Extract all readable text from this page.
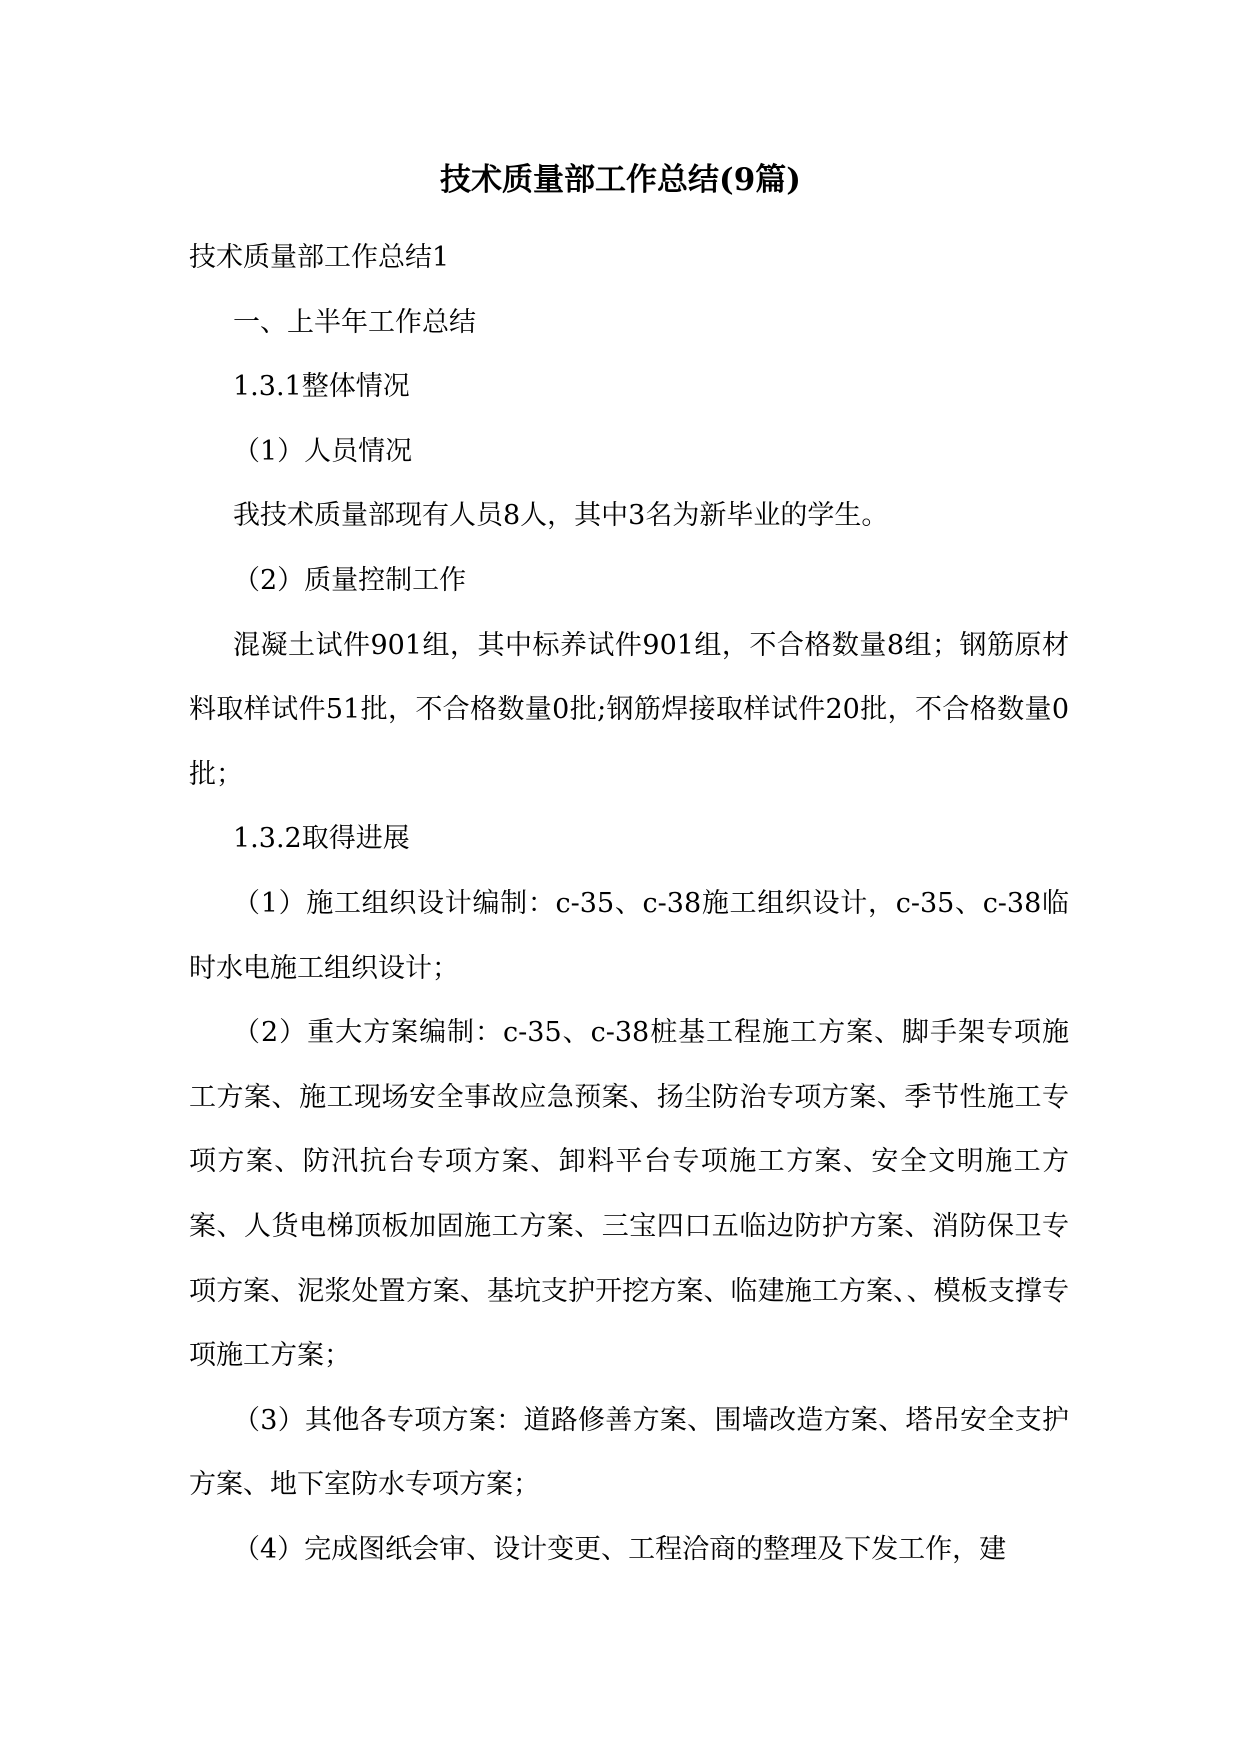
技术质量部工作总结(9篇)

技术质量部工作总结1

一、上半年工作总结

1.3.1整体情况

（1）人员情况

我技术质量部现有人员8人，其中3名为新毕业的学生。

（2）质量控制工作

混凝土试件901组，其中标养试件901组，不合格数量8组；钢筋原材料取样试件51批，不合格数量0批;钢筋焊接取样试件20批，不合格数量0批；

1.3.2取得进展

（1）施工组织设计编制：c-35、c-38施工组织设计，c-35、c-38临时水电施工组织设计；

（2）重大方案编制：c-35、c-38桩基工程施工方案、脚手架专项施工方案、施工现场安全事故应急预案、扬尘防治专项方案、季节性施工专项方案、防汛抗台专项方案、卸料平台专项施工方案、安全文明施工方案、人货电梯顶板加固施工方案、三宝四口五临边防护方案、消防保卫专项方案、泥浆处置方案、基坑支护开挖方案、临建施工方案、、模板支撑专项施工方案；

（3）其他各专项方案：道路修善方案、围墙改造方案、塔吊安全支护方案、地下室防水专项方案；

（4）完成图纸会审、设计变更、工程洽商的整理及下发工作，建
